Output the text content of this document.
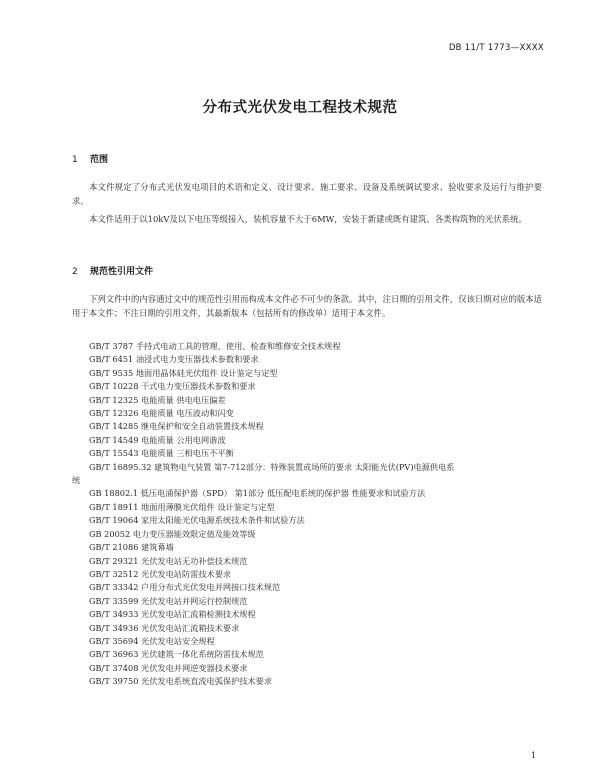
DB 11/T 1773—XXXX
分布式光伏发电工程技术规范
1 范围
本文件规定了分布式光伏发电项目的术语和定义、设计要求、施工要求、设备及系统调试要求、验收要求及运行与维护要求。
本文件适用于以10kV及以下电压等级接入，装机容量不大于6MW，安装于新建或既有建筑、各类构筑物的光伏系统。
2 规范性引用文件
下列文件中的内容通过文中的规范性引用而构成本文件必不可少的条款。其中，注日期的引用文件，仅该日期对应的版本适用于本文件；不注日期的引用文件，其最新版本（包括所有的修改单）适用于本文件。
GB/T 3787 手持式电动工具的管理、使用、检查和维修安全技术规程
GB/T 6451 油浸式电力变压器技术参数和要求
GB/T 9535 地面用晶体硅光伏组件 设计鉴定与定型
GB/T 10228 干式电力变压器技术参数和要求
GB/T 12325 电能质量 供电电压偏差
GB/T 12326 电能质量 电压波动和闪变
GB/T 14285 继电保护和安全自动装置技术规程
GB/T 14549 电能质量 公用电网谐波
GB/T 15543 电能质量 三相电压不平衡
GB/T 16895.32 建筑物电气装置 第7-712部分：特殊装置或场所的要求 太阳能光伏(PV)电源供电系
统
GB 18802.1 低压电涌保护器（SPD） 第1部分 低压配电系统的保护器 性能要求和试验方法
GB/T 18911 地面用薄膜光伏组件 设计鉴定与定型
GB/T 19064 家用太阳能光伏电源系统技术条件和试验方法
GB 20052 电力变压器能效限定值及能效等级
GB/T 21086 建筑幕墙
GB/T 29321 光伏发电站无功补偿技术规范
GB/T 32512 光伏发电站防雷技术要求
GB/T 33342 户用分布式光伏发电并网接口技术规范
GB/T 33599 光伏发电站并网运行控制规范
GB/T 34933 光伏发电站汇流箱检测技术规程
GB/T 34936 光伏发电站汇流箱技术要求
GB/T 35694 光伏发电站安全规程
GB/T 36963 光伏建筑一体化系统防雷技术规范
GB/T 37408 光伏发电并网逆变器技术要求
GB/T 39750 光伏发电系统直流电弧保护技术要求
1
